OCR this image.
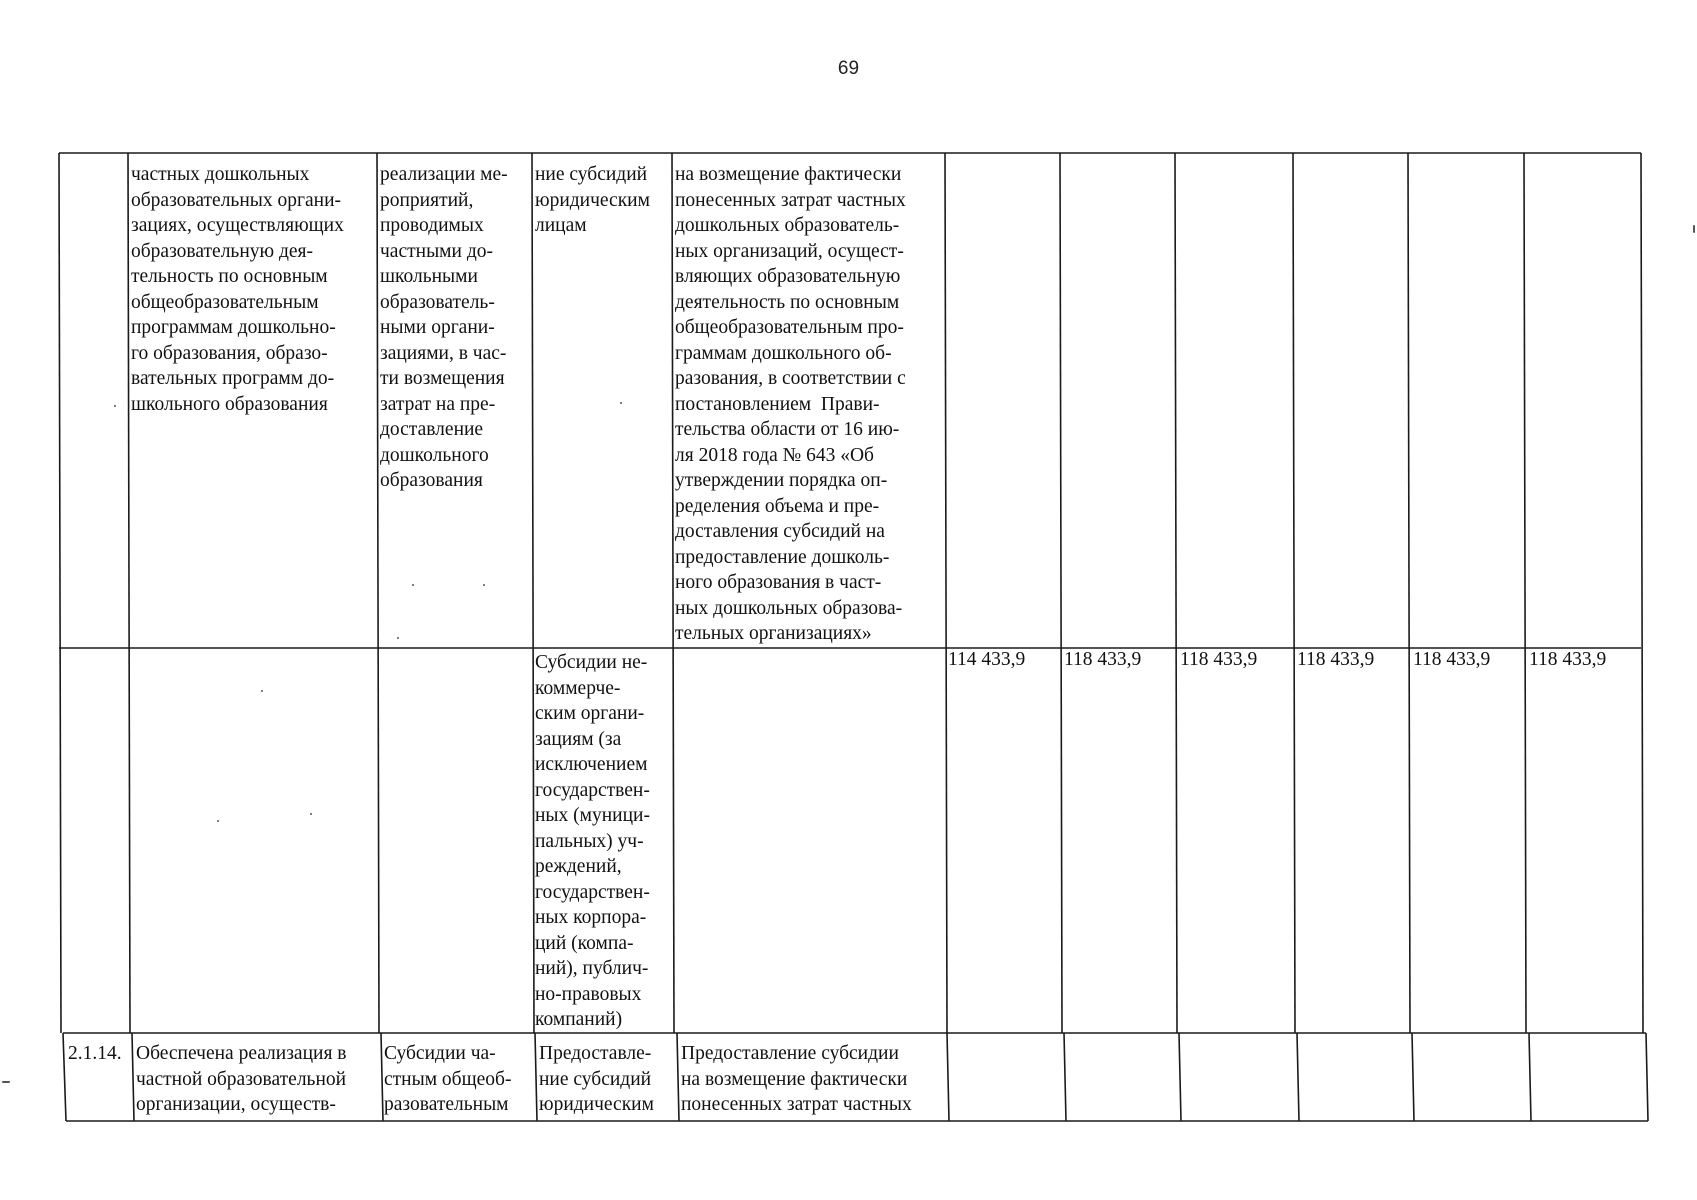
69
частных дошкольных
образовательных органи-
зациях, осуществляющих
образовательную дея-
тельность по основным
общеобразовательным
программам дошкольно-
го образования, образо-
вательных программ до-
школьного образования
реализации ме-
роприятий,
проводимых
частными до-
школьными
образователь-
ными органи-
зациями, в час-
ти возмещения
затрат на пре-
доставление
дошкольного
образования
ние субсидий
юридическим
лицам
на возмещение фактически
понесенных затрат частных
дошкольных образователь-
ных организаций, осущест-
вляющих образовательную
деятельность по основным
общеобразовательным про-
граммам дошкольного об-
разования, в соответствии с
постановлением  Прави-
тельства области от 16 ию-
ля 2018 года № 643 «Об
утверждении порядка оп-
ределения объема и пре-
доставления субсидий на
предоставление дошколь-
ного образования в част-
ных дошкольных образова-
тельных организациях»
Субсидии не-
коммерче-
ским органи-
зациям (за
исключением
государствен-
ных (муници-
пальных) уч-
реждений,
государствен-
ных корпора-
ций (компа-
ний), публич-
но-правовых
компаний)
114 433,9 118 433,9 118 433,9 118 433,9 118 433,9 118 433,9
2.1.14. Обеспечена реализация в
частной образовательной
организации, осуществ-
Субсидии ча-
стным общеоб-
разовательным
Предоставле-
ние субсидий
юридическим
Предоставление субсидии
на возмещение фактически
понесенных затрат частных
